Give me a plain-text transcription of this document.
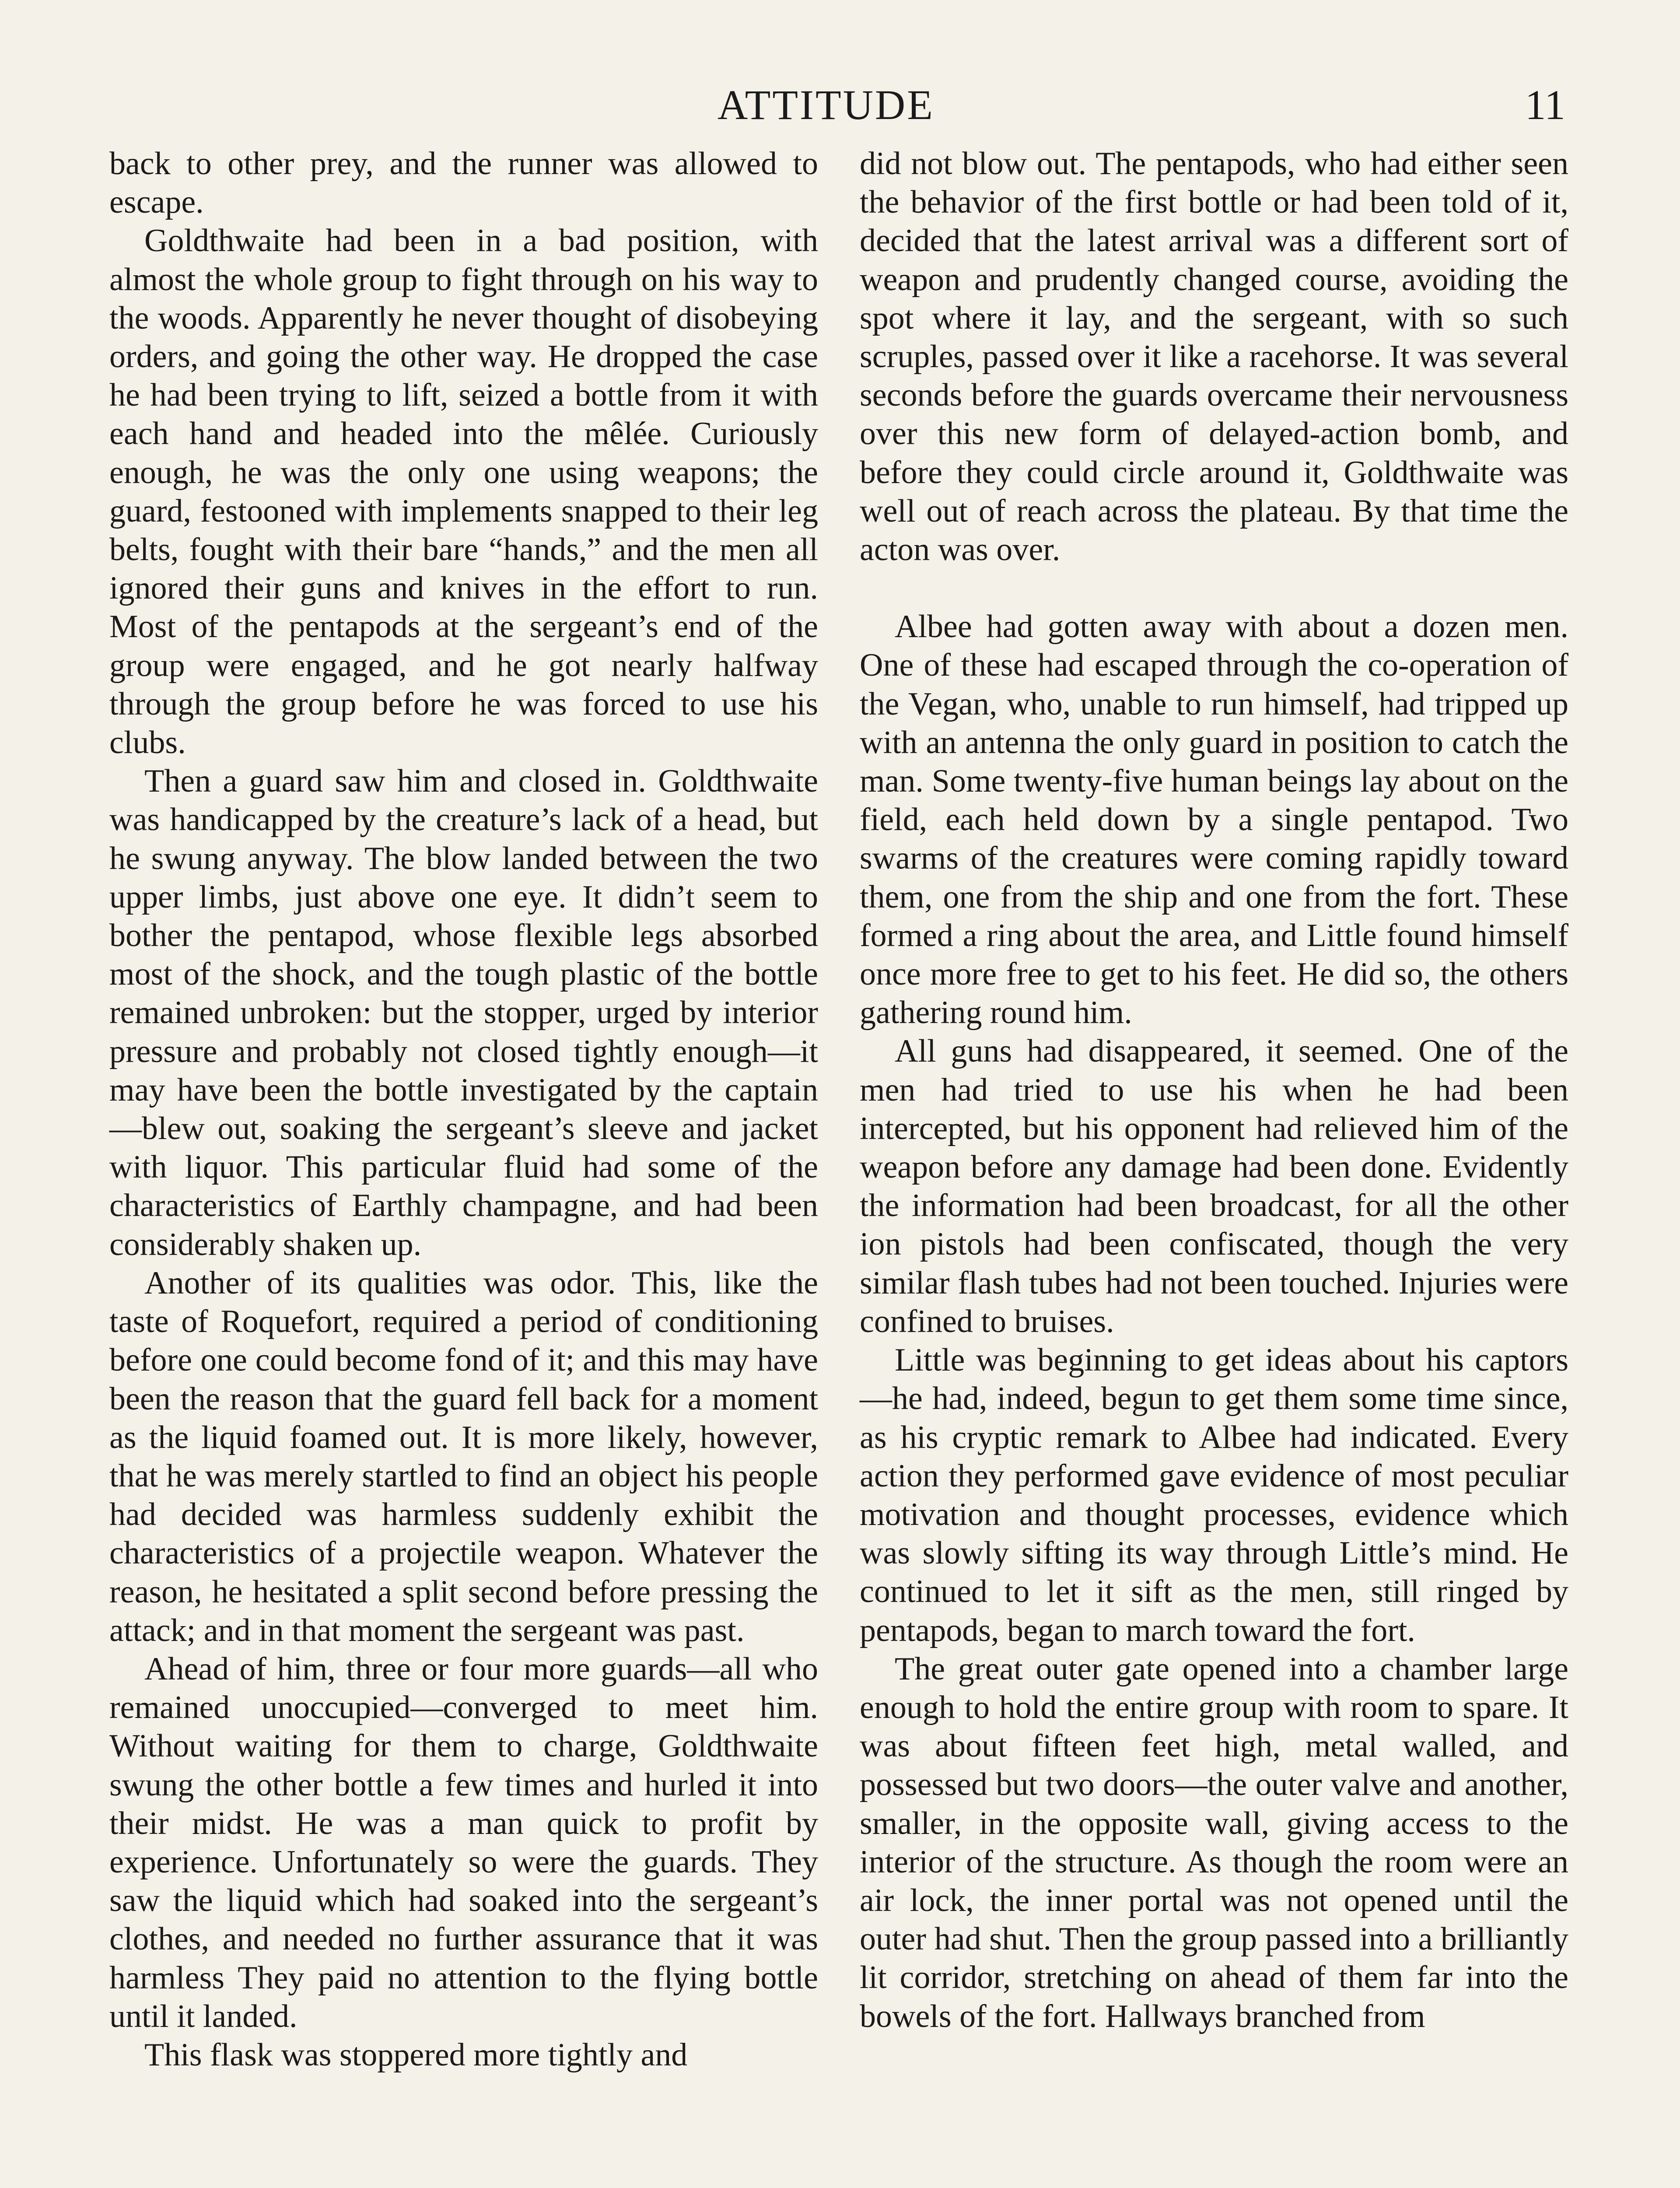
ATTITUDE	11

back to other prey, and the runner was allowed to escape.

Goldthwaite had been in a bad position, with almost the whole group to fight through on his way to the woods. Apparently he never thought of disobeying orders, and going the other way. He dropped the case he had been trying to lift, seized a bottle from it with each hand and headed into the mêlée. Curiously enough, he was the only one using weapons; the guard, festooned with implements snapped to their leg belts, fought with their bare “hands,” and the men all ignored their guns and knives in the effort to run. Most of the pentapods at the sergeant’s end of the group were engaged, and he got nearly halfway through the group before he was forced to use his clubs.

Then a guard saw him and closed in. Goldthwaite was handicapped by the creature’s lack of a head, but he swung anyway. The blow landed between the two upper limbs, just above one eye. It didn’t seem to bother the pentapod, whose flexible legs absorbed most of the shock, and the tough plastic of the bottle remained unbroken: but the stopper, urged by interior pressure and probably not closed tightly enough—it may have been the bottle investigated by the captain—blew out, soaking the sergeant’s sleeve and jacket with liquor. This particular fluid had some of the characteristics of Earthly champagne, and had been considerably shaken up.

Another of its qualities was odor. This, like the taste of Roquefort, required a period of conditioning before one could become fond of it; and this may have been the reason that the guard fell back for a moment as the liquid foamed out. It is more likely, however, that he was merely startled to find an object his people had decided was harmless suddenly exhibit the characteristics of a projectile weapon. Whatever the reason, he hesitated a split second before pressing the attack; and in that moment the sergeant was past.

Ahead of him, three or four more guards—all who remained unoccupied—converged to meet him. Without waiting for them to charge, Goldthwaite swung the other bottle a few times and hurled it into their midst. He was a man quick to profit by experience. Unfortunately so were the guards. They saw the liquid which had soaked into the sergeant’s clothes, and needed no further assurance that it was harmless They paid no attention to the flying bottle until it landed.

This flask was stoppered more tightly and

did not blow out. The pentapods, who had either seen the behavior of the first bottle or had been told of it, decided that the latest arrival was a different sort of weapon and prudently changed course, avoiding the spot where it lay, and the sergeant, with so such scruples, passed over it like a racehorse. It was several seconds before the guards overcame their nervousness over this new form of delayed-action bomb, and before they could circle around it, Goldthwaite was well out of reach across the plateau. By that time the acton was over.

Albee had gotten away with about a dozen men. One of these had escaped through the co-operation of the Vegan, who, unable to run himself, had tripped up with an antenna the only guard in position to catch the man. Some twenty-five human beings lay about on the field, each held down by a single pentapod. Two swarms of the creatures were coming rapidly toward them, one from the ship and one from the fort. These formed a ring about the area, and Little found himself once more free to get to his feet. He did so, the others gathering round him.

All guns had disappeared, it seemed. One of the men had tried to use his when he had been intercepted, but his opponent had relieved him of the weapon before any damage had been done. Evidently the information had been broadcast, for all the other ion pistols had been confiscated, though the very similar flash tubes had not been touched. Injuries were confined to bruises.

Little was beginning to get ideas about his captors—he had, indeed, begun to get them some time since, as his cryptic remark to Albee had indicated. Every action they performed gave evidence of most peculiar motivation and thought processes, evidence which was slowly sifting its way through Little’s mind. He continued to let it sift as the men, still ringed by pentapods, began to march toward the fort.

The great outer gate opened into a chamber large enough to hold the entire group with room to spare. It was about fifteen feet high, metal walled, and possessed but two doors—the outer valve and another, smaller, in the opposite wall, giving access to the interior of the structure. As though the room were an air lock, the inner portal was not opened until the outer had shut. Then the group passed into a brilliantly lit corridor, stretching on ahead of them far into the bowels of the fort. Hallways branched from
